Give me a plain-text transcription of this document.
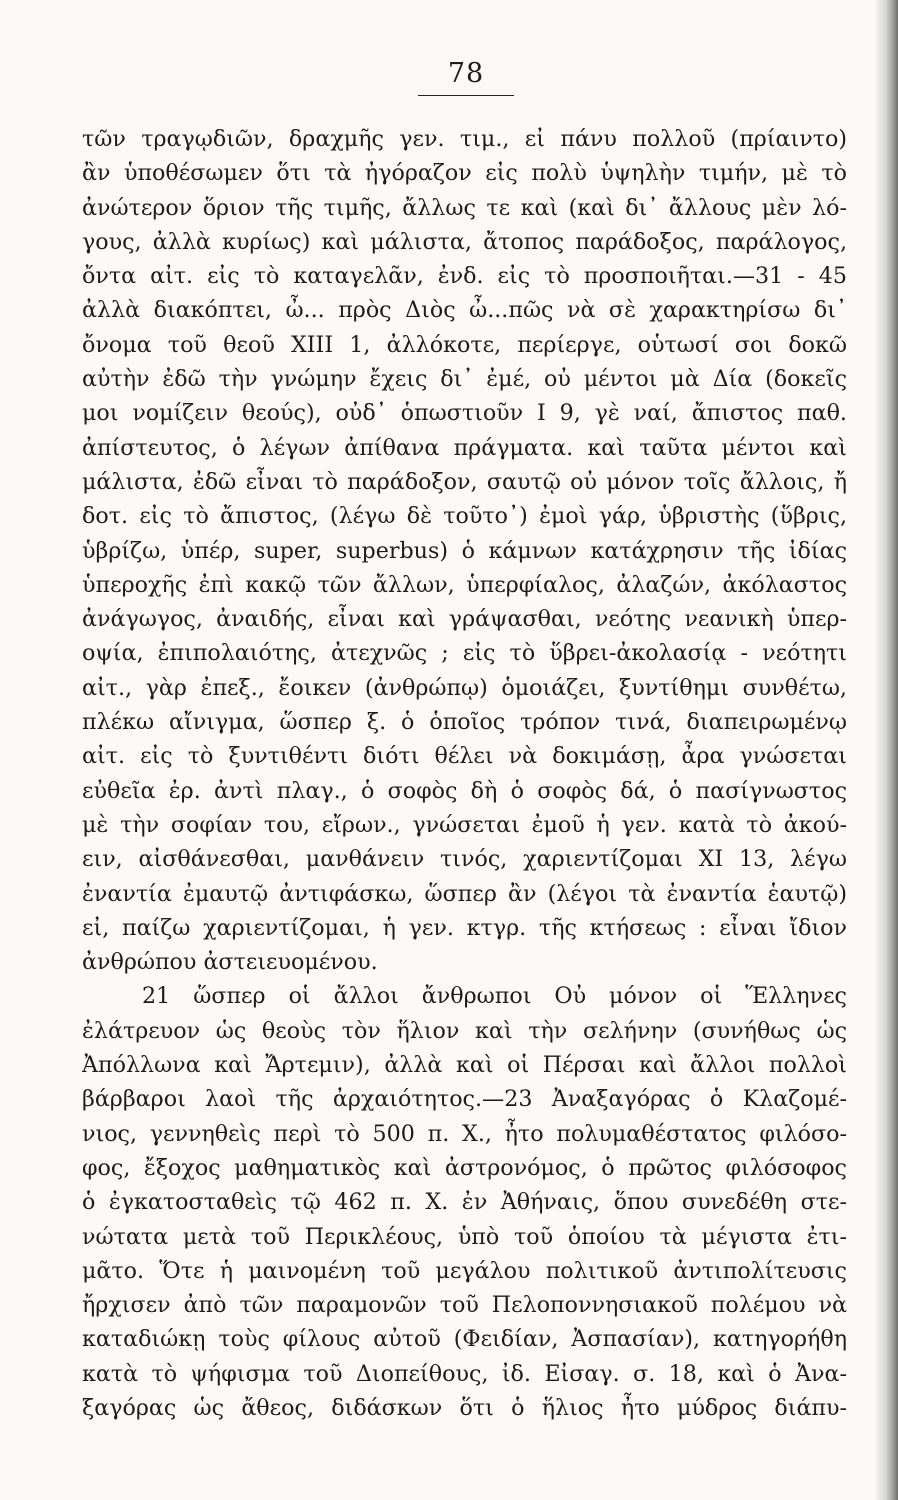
78
τῶν τραγῳδιῶν, δραχμῆς γεν. τιμ., εἰ πάνυ πολλοῦ (πρίαιντο)
ἂν ὑποθέσωμεν ὅτι τὰ ἠγόραζον εἰς πολὺ ὑψηλὴν τιμήν, μὲ τὸ
ἀνώτερον ὅριον τῆς τιμῆς, ἄλλως τε καὶ (καὶ δι᾽ ἄλλους μὲν λό-
γους, ἀλλὰ κυρίως) καὶ μάλιστα, ἄτοπος παράδοξος, παράλογος,
ὄντα αἰτ. εἰς τὸ καταγελᾶν, ἐνδ. εἰς τὸ προσποιῆται.—31 - 45
ἀλλὰ διακόπτει, ὦ... πρὸς Διὸς ὦ...πῶς νὰ σὲ χαρακτηρίσω δι᾽
ὄνομα τοῦ θεοῦ XIII 1, ἀλλόκοτε, περίεργε, οὑτωσί σοι δοκῶ
αὐτὴν ἐδῶ τὴν γνώμην ἔχεις δι᾽ ἐμέ, οὐ μέντοι μὰ Δία (δοκεῖς
μοι νομίζειν θεούς), οὐδ᾽ ὁπωστιοῦν I 9, γὲ ναί, ἄπιστος παθ.
ἀπίστευτος, ὁ λέγων ἀπίθανα πράγματα. καὶ ταῦτα μέντοι καὶ
μάλιστα, ἐδῶ εἶναι τὸ παράδοξον, σαυτῷ οὐ μόνον τοῖς ἄλλοις, ἤ
δοτ. εἰς τὸ ἄπιστος, (λέγω δὲ τοῦτο᾽) ἐμοὶ γάρ, ὑβριστὴς (ὕβρις,
ὑβρίζω, ὑπέρ, super, superbus) ὁ κάμνων κατάχρησιν τῆς ἰδίας
ὑπεροχῆς ἐπὶ κακῷ τῶν ἄλλων, ὑπερφίαλος, ἀλαζών, ἀκόλαστος
ἀνάγωγος, ἀναιδής, εἶναι καὶ γράψασθαι, νεότης νεανικὴ ὑπερ-
οψία, ἐπιπολαιότης, ἀτεχνῶς ; εἰς τὸ ὕβρει-ἀκολασίᾳ - νεότητι
αἰτ., γὰρ ἐπεξ., ἔοικεν (ἀνθρώπῳ) ὁμοιάζει, ξυντίθημι συνθέτω,
πλέκω αἴνιγμα, ὥσπερ ξ. ὁ ὁποῖος τρόπον τινά, διαπειρωμένῳ
αἰτ. εἰς τὸ ξυντιθέντι διότι θέλει νὰ δοκιμάσῃ, ἆρα γνώσεται
εὐθεῖα ἐρ. ἀντὶ πλαγ., ὁ σοφὸς δὴ ὁ σοφὸς δά, ὁ πασίγνωστος
μὲ τὴν σοφίαν του, εἴρων., γνώσεται ἐμοῦ ἡ γεν. κατὰ τὸ ἀκού-
ειν, αἰσθάνεσθαι, μανθάνειν τινός, χαριεντίζομαι XI 13, λέγω
ἐναντία ἐμαυτῷ ἀντιφάσκω, ὥσπερ ἂν (λέγοι τὰ ἐναντία ἑαυτῷ)
εἰ, παίζω χαριεντίζομαι, ἡ γεν. κτγρ. τῆς κτήσεως : εἶναι ἴδιον
ἀνθρώπου ἀστειευομένου.
21 ὥσπερ οἱ ἄλλοι ἄνθρωποι Οὐ μόνον οἱ Ἕλληνες
ἐλάτρευον ὡς θεοὺς τὸν ἥλιον καὶ τὴν σελήνην (συνήθως ὡς
Ἀπόλλωνα καὶ Ἄρτεμιν), ἀλλὰ καὶ οἱ Πέρσαι καὶ ἄλλοι πολλοὶ
βάρβαροι λαοὶ τῆς ἀρχαιότητος.—23 Ἀναξαγόρας ὁ Κλαζομέ-
νιος, γεννηθεὶς περὶ τὸ 500 π. Χ., ἦτο πολυμαθέστατος φιλόσο-
φος, ἔξοχος μαθηματικὸς καὶ ἀστρονόμος, ὁ πρῶτος φιλόσοφος
ὁ ἐγκατοσταθεὶς τῷ 462 π. Χ. ἐν Ἀθήναις, ὅπου συνεδέθη στε-
νώτατα μετὰ τοῦ Περικλέους, ὑπὸ τοῦ ὁποίου τὰ μέγιστα ἐτι-
μᾶτο. Ὅτε ἡ μαινομένη τοῦ μεγάλου πολιτικοῦ ἀντιπολίτευσις
ἤρχισεν ἀπὸ τῶν παραμονῶν τοῦ Πελοποννησιακοῦ πολέμου νὰ
καταδιώκῃ τοὺς φίλους αὐτοῦ (Φειδίαν, Ἀσπασίαν), κατηγορήθη
κατὰ τὸ ψήφισμα τοῦ Διοπείθους, ἰδ. Εἰσαγ. σ. 18, καὶ ὁ Ἀνα-
ξαγόρας ὡς ἄθεος, διδάσκων ὅτι ὁ ἥλιος ἦτο μύδρος διάπυ-
